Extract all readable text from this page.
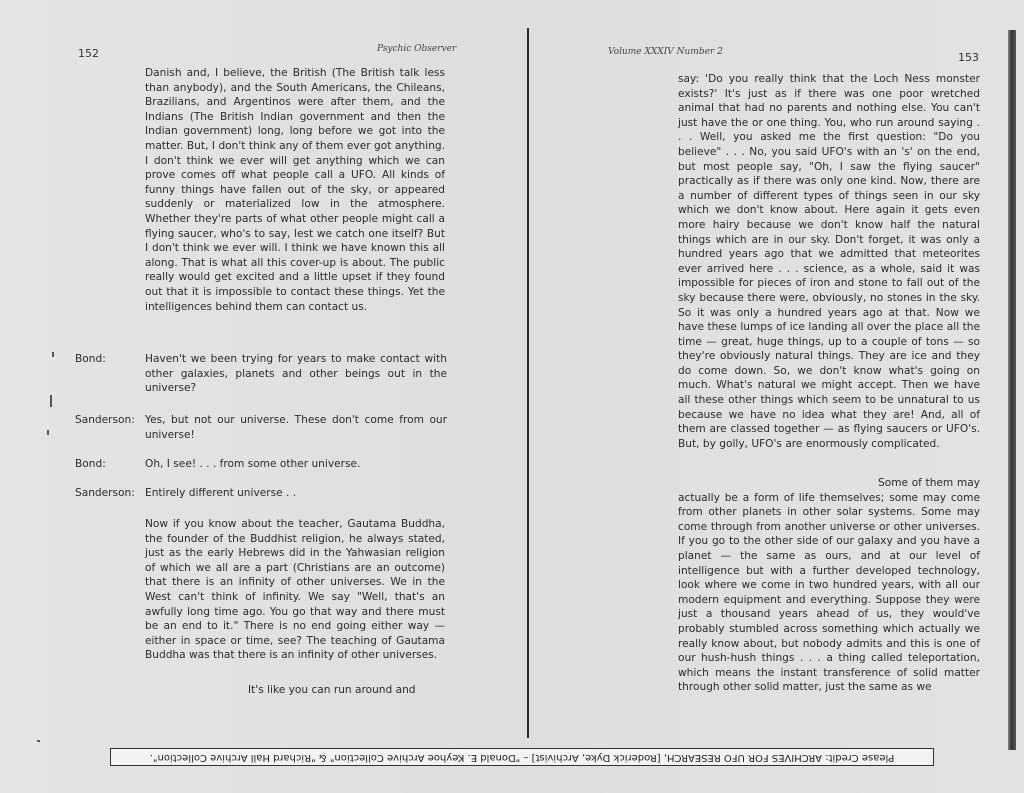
152	Psychic Observer

Danish and, I believe, the British (The British talk less than anybody), and the South Americans, the Chileans, Brazilians, and Argentinos were after them, and the Indians (The British Indian government and then the Indian government) long, long before we got into the matter. But, I don't think any of them ever got anything. I don't think we ever will get anything which we can prove comes off what people call a UFO. All kinds of funny things have fallen out of the sky, or appeared suddenly or materialized low in the atmosphere. Whether they're parts of what other people might call a flying saucer, who's to say, lest we catch one itself? But I don't think we ever will. I think we have known this all along. That is what all this cover-up is about. The public really would get excited and a little upset if they found out that it is impossible to contact these things. Yet the intelligences behind them can contact us.

Bond:	Haven't we been trying for years to make contact with other galaxies, planets and other beings out in the universe?
Sanderson: Yes, but not our universe. These don't come from our universe!
Bond:	Oh, I see! . . . from some other universe.
Sanderson: Entirely different universe . .

Now if you know about the teacher, Gautama Buddha, the founder of the Buddhist religion, he always stated, just as the early Hebrews did in the Yahwasian religion of which we all are a part (Christians are an outcome) that there is an infinity of other universes. We in the West can't think of infinity. We say "Well, that's an awfully long time ago. You go that way and there must be an end to it." There is no end going either way — either in space or time, see? The teaching of Gautama Buddha was that there is an infinity of other universes.

It's like you can run around and

Volume XXXIV Number 2	153

say: 'Do you really think that the Loch Ness monster exists?' It's just as if there was one poor wretched animal that had no parents and nothing else. You can't just have the or one thing. You, who run around saying . . . Well, you asked me the first question: "Do you believe" . . . No, you said UFO's with an 's' on the end, but most people say, "Oh, I saw the flying saucer" practically as if there was only one kind. Now, there are a number of different types of things seen in our sky which we don't know about. Here again it gets even more hairy because we don't know half the natural things which are in our sky. Don't forget, it was only a hundred years ago that we admitted that meteorites ever arrived here . . . science, as a whole, said it was impossible for pieces of iron and stone to fall out of the sky because there were, obviously, no stones in the sky. So it was only a hundred years ago at that. Now we have these lumps of ice landing all over the place all the time — great, huge things, up to a couple of tons — so they're obviously natural things. They are ice and they do come down. So, we don't know what's going on much. What's natural we might accept. Then we have all these other things which seem to be unnatural to us because we have no idea what they are! And, all of them are classed together — as flying saucers or UFO's. But, by golly, UFO's are enormously complicated.

Some of them may actually be a form of life themselves; some may come from other planets in other solar systems. Some may come through from another universe or other universes. If you go to the other side of our galaxy and you have a planet — the same as ours, and at our level of intelligence but with a further developed technology, look where we come in two hundred years, with all our modern equipment and everything. Suppose they were just a thousand years ahead of us, they would've probably stumbled across something which actually we really know about, but nobody admits and this is one of our hush-hush things . . . a thing called teleportation, which means the instant transference of solid matter through other solid matter, just the same as we

Please Credit: ARCHIVES FOR UFO RESEARCH, [Roderick Dyke, Archivist] – "Donald E. Keyhoe Archive Collection" & "Richard Hall Archive Collection".
